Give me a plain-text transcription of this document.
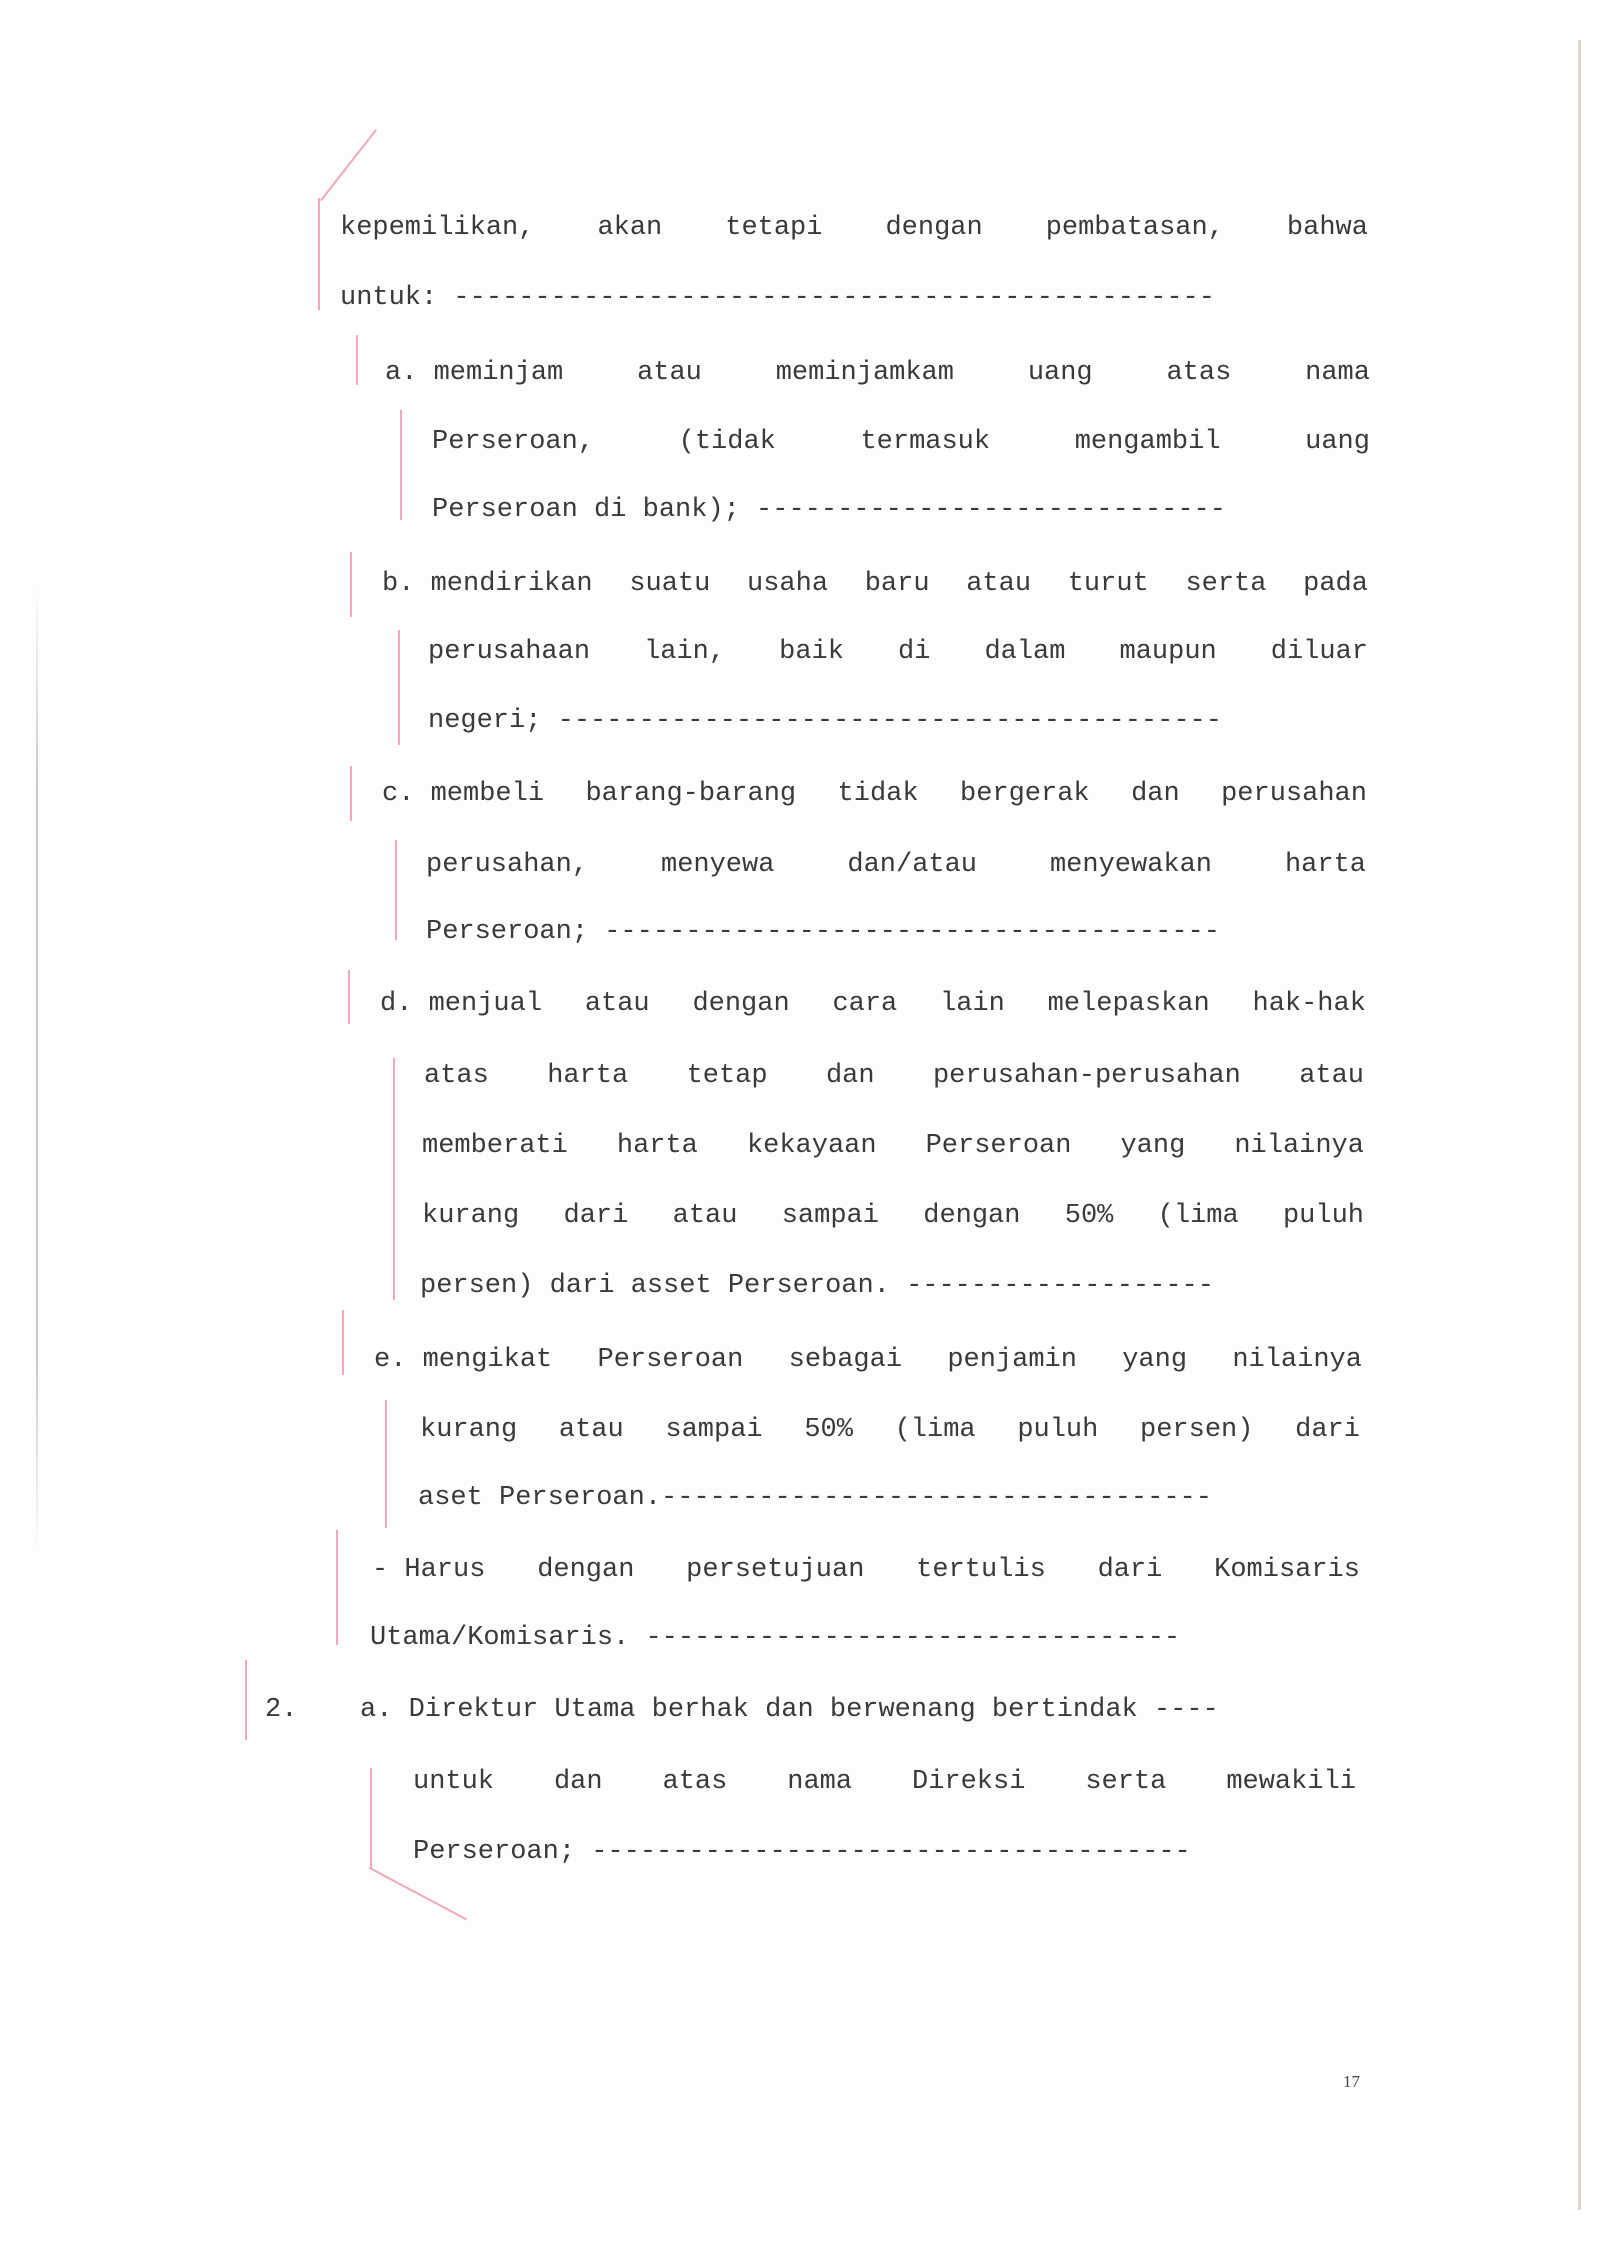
kepemilikan, akan tetapi dengan pembatasan, bahwa
untuk: -----------------------------------------------
a. meminjam	atau	meminjamkam	uang	atas	nama
Perseroan,	(tidak	termasuk	mengambil	uang
Perseroan di bank); -----------------------------
b. mendirikan suatu usaha baru atau turut serta pada
perusahaan lain, baik di dalam maupun diluar
negeri; -----------------------------------------
c. membeli barang-barang tidak bergerak dan perusahan
perusahan,	menyewa	dan/atau	menyewakan	harta
Perseroan; --------------------------------------
d. menjual atau dengan cara lain melepaskan hak-hak
atas harta tetap dan perusahan-perusahan atau
memberati harta kekayaan Perseroan yang nilainya
kurang dari atau sampai dengan 50% (lima puluh
persen) dari asset Perseroan. -------------------
e. mengikat Perseroan sebagai penjamin yang nilainya
kurang atau sampai 50% (lima puluh persen) dari
aset Perseroan.----------------------------------
- Harus dengan persetujuan tertulis dari Komisaris
Utama/Komisaris. ---------------------------------
2. a. Direktur Utama berhak dan berwenang bertindak ----
untuk dan atas nama Direksi serta mewakili
Perseroan; -------------------------------------
17
